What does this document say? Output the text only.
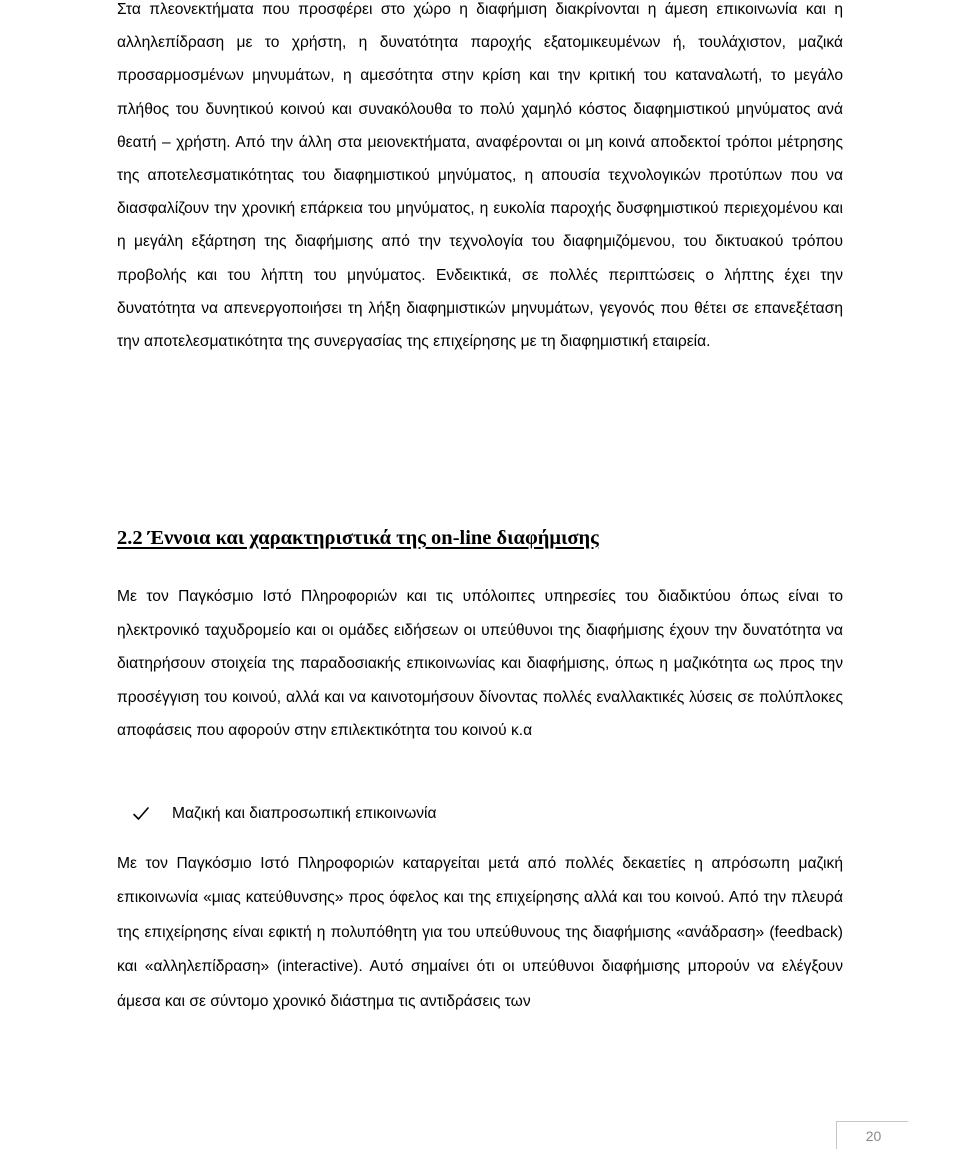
Στα πλεονεκτήματα που προσφέρει στο χώρο η διαφήμιση διακρίνονται η άμεση επικοινωνία και η αλληλεπίδραση με το χρήστη, η δυνατότητα παροχής εξατομικευμένων ή, τουλάχιστον, μαζικά προσαρμοσμένων μηνυμάτων, η αμεσότητα στην κρίση και την κριτική του καταναλωτή, το μεγάλο πλήθος του δυνητικού κοινού και συνακόλουθα το πολύ χαμηλό κόστος διαφημιστικού μηνύματος ανά θεατή – χρήστη. Από την άλλη στα μειονεκτήματα, αναφέρονται οι μη κοινά αποδεκτοί τρόποι μέτρησης της αποτελεσματικότητας του διαφημιστικού μηνύματος, η απουσία τεχνολογικών προτύπων που να διασφαλίζουν την χρονική επάρκεια του μηνύματος, η ευκολία παροχής δυσφημιστικού περιεχομένου και η μεγάλη εξάρτηση της διαφήμισης από την τεχνολογία του διαφημιζόμενου, του δικτυακού τρόπου προβολής και του λήπτη του μηνύματος. Ενδεικτικά, σε πολλές περιπτώσεις ο λήπτης έχει την δυνατότητα να απενεργοποιήσει τη λήξη διαφημιστικών μηνυμάτων, γεγονός που θέτει σε επανεξέταση την αποτελεσματικότητα της συνεργασίας της επιχείρησης με τη διαφημιστική εταιρεία.

2.2 Έννοια και χαρακτηριστικά της on-line διαφήμισης

Με τον Παγκόσμιο Ιστό Πληροφοριών και τις υπόλοιπες υπηρεσίες του διαδικτύου όπως είναι το ηλεκτρονικό ταχυδρομείο και οι ομάδες ειδήσεων οι υπεύθυνοι της διαφήμισης έχουν την δυνατότητα να διατηρήσουν στοιχεία της παραδοσιακής επικοινωνίας και διαφήμισης, όπως η μαζικότητα ως προς την προσέγγιση του κοινού, αλλά και να καινοτομήσουν δίνοντας πολλές εναλλακτικές λύσεις σε πολύπλοκες αποφάσεις που αφορούν στην επιλεκτικότητα του κοινού κ.α

Μαζική και διαπροσωπική επικοινωνία

Με τον Παγκόσμιο Ιστό Πληροφοριών καταργείται μετά από πολλές δεκαετίες η απρόσωπη μαζική επικοινωνία «μιας κατεύθυνσης» προς όφελος και της επιχείρησης αλλά και του κοινού. Από την πλευρά της επιχείρησης είναι εφικτή η πολυπόθητη για του υπεύθυνους της διαφήμισης «ανάδραση» (feedback) και «αλληλεπίδραση» (interactive). Αυτό σημαίνει ότι οι υπεύθυνοι διαφήμισης μπορούν να ελέγξουν άμεσα και σε σύντομο χρονικό διάστημα τις αντιδράσεις των

20
